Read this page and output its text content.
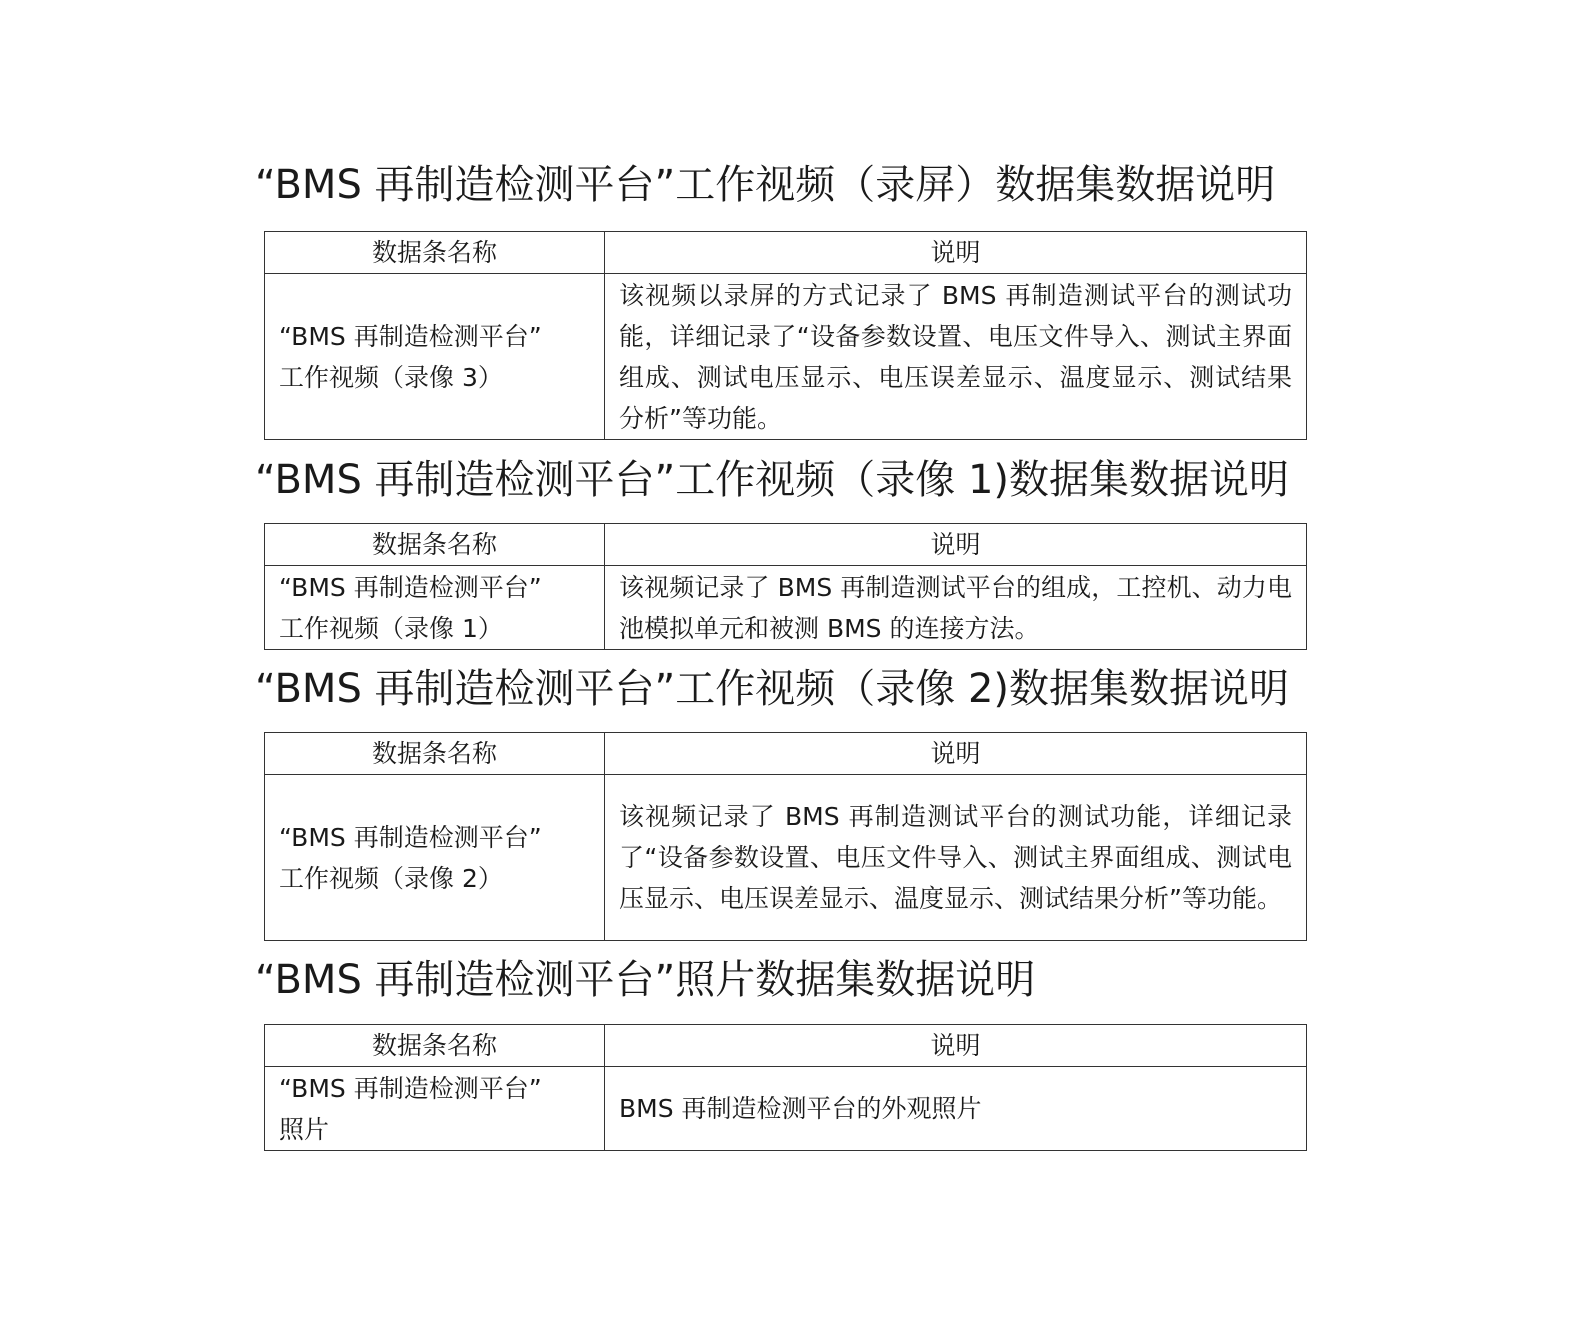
“BMS 再制造检测平台”工作视频（录屏）数据集数据说明
数据条名称	说明

“BMS 再制造检测平台”
工作视频（录像 3）	该视频以录屏的方式记录了 BMS 再制造测试平台的测试功能，详细记录了“设备参数设置、电压文件导入、测试主界面组成、测试电压显示、电压误差显示、温度显示、测试结果分析”等功能。
“BMS 再制造检测平台”工作视频（录像 1)数据集数据说明
数据条名称	说明

“BMS 再制造检测平台”
工作视频（录像 1）	该视频记录了 BMS 再制造测试平台的组成，工控机、动力电池模拟单元和被测 BMS 的连接方法。
“BMS 再制造检测平台”工作视频（录像 2)数据集数据说明
数据条名称	说明

“BMS 再制造检测平台”
工作视频（录像 2）	该视频记录了 BMS 再制造测试平台的测试功能，详细记录了“设备参数设置、电压文件导入、测试主界面组成、测试电压显示、电压误差显示、温度显示、测试结果分析”等功能。
“BMS 再制造检测平台”照片数据集数据说明
数据条名称	说明

“BMS 再制造检测平台”
照片	BMS 再制造检测平台的外观照片
